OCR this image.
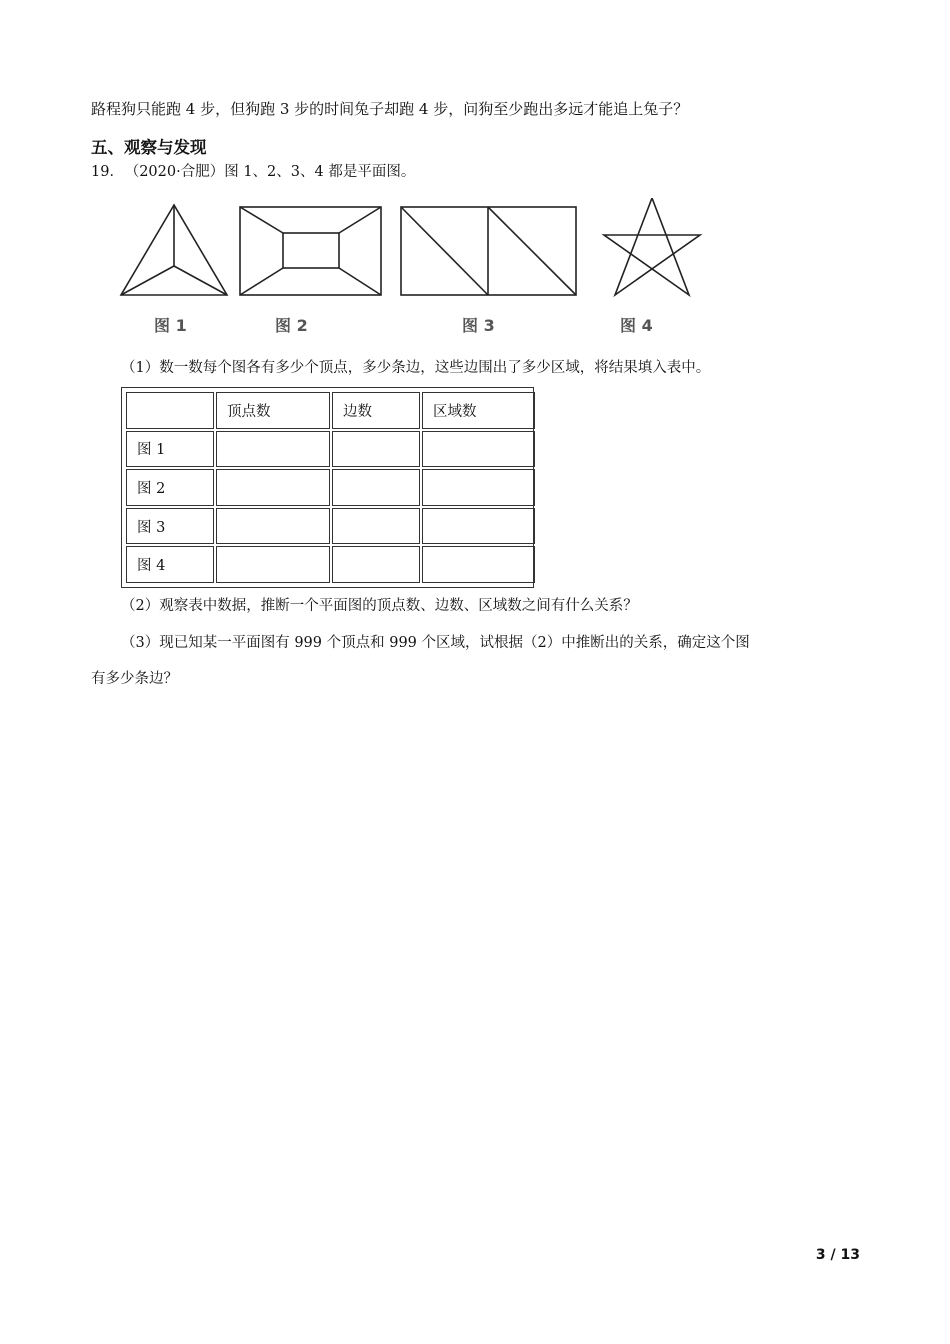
路程狗只能跑 4 步，但狗跑 3 步的时间兔子却跑 4 步，问狗至少跑出多远才能追上兔子？
五、观察与发现
19． （2020·合肥）图 1、2、3、4 都是平面图。
图 1	图 2	图 3	图 4
（1）数一数每个图各有多少个顶点，多少条边，这些边围出了多少区域，将结果填入表中。
	顶点数	边数	区域数
图 1			
图 2			
图 3			
图 4			
（2）观察表中数据，推断一个平面图的顶点数、边数、区域数之间有什么关系？
（3）现已知某一平面图有 999 个顶点和 999 个区域，试根据（2）中推断出的关系，确定这个图
有多少条边？
3 / 13
